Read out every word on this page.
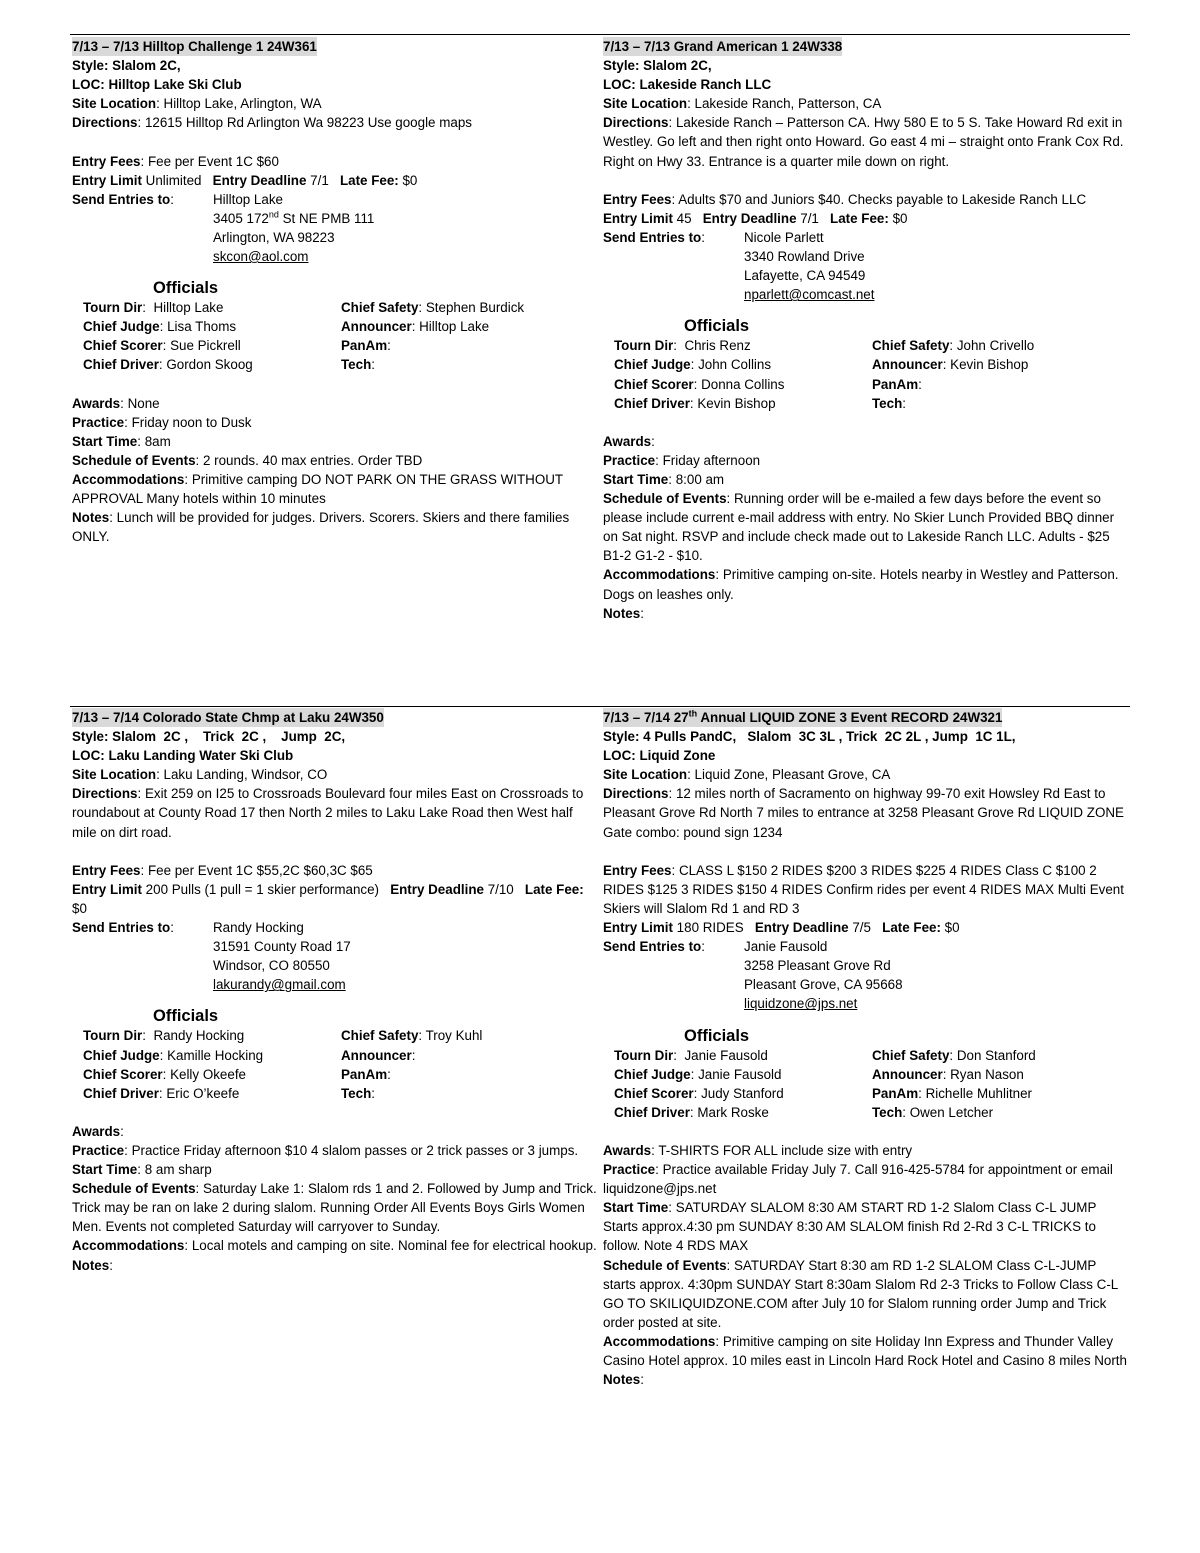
7/13 – 7/13 Hilltop Challenge 1 24W361
Style: Slalom 2C,
LOC: Hilltop Lake Ski Club
Site Location: Hilltop Lake, Arlington, WA
Directions: 12615 Hilltop Rd Arlington Wa 98223 Use google maps
Entry Fees: Fee per Event 1C $60
Entry Limit Unlimited Entry Deadline 7/1 Late Fee: $0
Send Entries to:	Hilltop Lake
3405 172nd St NE PMB 111
Arlington, WA 98223
skcon@aol.com
Officials
Tourn Dir:  Hilltop Lake	Chief Safety: Stephen Burdick
Chief Judge: Lisa Thoms	Announcer: Hilltop Lake
Chief Scorer: Sue Pickrell	PanAm:
Chief Driver: Gordon Skoog	Tech:
Awards: None
Practice: Friday noon to Dusk
Start Time: 8am
Schedule of Events: 2 rounds. 40 max entries. Order TBD
Accommodations: Primitive camping DO NOT PARK ON THE GRASS WITHOUT APPROVAL Many hotels within 10 minutes
Notes: Lunch will be provided for judges. Drivers. Scorers. Skiers and there families ONLY.
7/13 – 7/13 Grand American 1 24W338
Style: Slalom 2C,
LOC: Lakeside Ranch LLC
Site Location: Lakeside Ranch, Patterson, CA
Directions: Lakeside Ranch – Patterson CA. Hwy 580 E to 5 S. Take Howard Rd exit in Westley. Go left and then right onto Howard. Go east 4 mi – straight onto Frank Cox Rd. Right on Hwy 33. Entrance is a quarter mile down on right.
Entry Fees: Adults $70 and Juniors $40. Checks payable to Lakeside Ranch LLC
Entry Limit 45 Entry Deadline 7/1 Late Fee: $0
Send Entries to:	Nicole Parlett
3340 Rowland Drive
Lafayette, CA 94549
nparlett@comcast.net
Officials
Tourn Dir:  Chris Renz	Chief Safety: John Crivello
Chief Judge: John Collins	Announcer: Kevin Bishop
Chief Scorer: Donna Collins	PanAm:
Chief Driver: Kevin Bishop	Tech:
Awards:
Practice: Friday afternoon
Start Time: 8:00 am
Schedule of Events: Running order will be e-mailed a few days before the event so please include current e-mail address with entry. No Skier Lunch Provided BBQ dinner on Sat night. RSVP and include check made out to Lakeside Ranch LLC. Adults - $25 B1-2 G1-2 - $10.
Accommodations: Primitive camping on-site. Hotels nearby in Westley and Patterson. Dogs on leashes only.
Notes:
7/13 – 7/14 Colorado State Chmp at Laku 24W350
Style: Slalom  2C ,    Trick  2C ,    Jump  2C,
LOC: Laku Landing Water Ski Club
Site Location: Laku Landing, Windsor, CO
Directions: Exit 259 on I25 to Crossroads Boulevard four miles East on Crossroads to roundabout at County Road 17 then North 2 miles to Laku Lake Road then West half mile on dirt road.
Entry Fees: Fee per Event 1C $55,2C $60,3C $65
Entry Limit 200 Pulls (1 pull = 1 skier performance) Entry Deadline 7/10 Late Fee: $0
Send Entries to:	Randy Hocking
31591 County Road 17
Windsor, CO 80550
lakurandy@gmail.com
Officials
Tourn Dir:  Randy Hocking	Chief Safety: Troy Kuhl
Chief Judge: Kamille Hocking	Announcer:
Chief Scorer: Kelly Okeefe	PanAm:
Chief Driver: Eric O’keefe	Tech:
Awards:
Practice: Practice Friday afternoon $10 4 slalom passes or 2 trick passes or 3 jumps.
Start Time: 8 am sharp
Schedule of Events: Saturday Lake 1: Slalom rds 1 and 2. Followed by Jump and Trick. Trick may be ran on lake 2 during slalom. Running Order All Events Boys Girls Women Men. Events not completed Saturday will carryover to Sunday.
Accommodations: Local motels and camping on site. Nominal fee for electrical hookup.
Notes:
7/13 – 7/14 27th Annual LIQUID ZONE 3 Event RECORD 24W321
Style: 4 Pulls PandC,   Slalom  3C 3L , Trick  2C 2L , Jump  1C 1L,
LOC: Liquid Zone
Site Location: Liquid Zone, Pleasant Grove, CA
Directions: 12 miles north of Sacramento on highway 99-70 exit Howsley Rd East to Pleasant Grove Rd North 7 miles to entrance at 3258 Pleasant Grove Rd LIQUID ZONE Gate combo: pound sign 1234
Entry Fees: CLASS L $150 2 RIDES $200 3 RIDES $225 4 RIDES Class C $100 2 RIDES $125 3 RIDES $150 4 RIDES Confirm rides per event 4 RIDES MAX Multi Event Skiers will Slalom Rd 1 and RD 3
Entry Limit 180 RIDES Entry Deadline 7/5 Late Fee: $0
Send Entries to:	Janie Fausold
3258 Pleasant Grove Rd
Pleasant Grove, CA 95668
liquidzone@jps.net
Officials
Tourn Dir:  Janie Fausold	Chief Safety: Don Stanford
Chief Judge: Janie Fausold	Announcer: Ryan Nason
Chief Scorer: Judy Stanford	PanAm: Richelle Muhlitner
Chief Driver: Mark Roske	Tech: Owen Letcher
Awards: T-SHIRTS FOR ALL include size with entry
Practice: Practice available Friday July 7. Call 916-425-5784 for appointment or email liquidzone@jps.net
Start Time: SATURDAY SLALOM 8:30 AM START RD 1-2 Slalom Class C-L JUMP Starts approx.4:30 pm SUNDAY 8:30 AM SLALOM finish Rd 2-Rd 3 C-L TRICKS to follow. Note 4 RDS MAX
Schedule of Events: SATURDAY Start 8:30 am RD 1-2 SLALOM Class C-L-JUMP starts approx. 4:30pm SUNDAY Start 8:30am Slalom Rd 2-3 Tricks to Follow Class C-L GO TO SKILIQUIDZONE.COM after July 10 for Slalom running order Jump and Trick order posted at site.
Accommodations: Primitive camping on site Holiday Inn Express and Thunder Valley Casino Hotel approx. 10 miles east in Lincoln Hard Rock Hotel and Casino 8 miles North
Notes:
